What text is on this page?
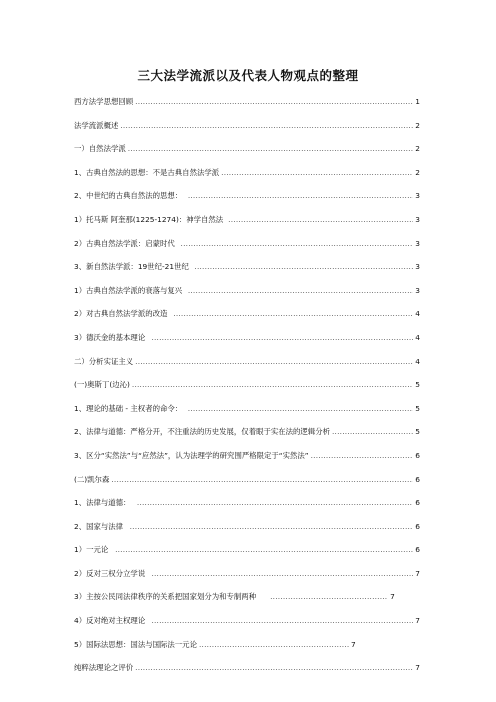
三大法学流派以及代表人物观点的整理
西方法学思想回顾 .....	1
法学流派概述 .....	2
一）自然法学派 .....	2
1、古典自然法的思想：不是古典自然法学派 .....	2
2、中世纪的古典自然法的思想： .....	3
1）托马斯 阿奎那(1225-1274)：神学自然法 .....	3
2）古典自然法学派：启蒙时代 .....	3
3、新自然法学派：19世纪-21世纪 .....	3
1）古典自然法学派的衰落与复兴 .....	3
2）对古典自然法学派的改造 .....	4
3）德沃金的基本理论 .....	4
二）分析实证主义 .....	4
(一)奥斯丁(边沁) .....	5
1、理论的基础 - 主权者的命令： .....	5
2、法律与道德：严格分开，不注重法的历史发展，仅着眼于实在法的逻辑分析 .....	5
3、区分“实然法”与“应然法”，认为法理学的研究围严格限定于“实然法” .....	6
(二)凯尔森 .....	6
1、法律与道德： .....	6
2、国家与法律 .....	6
1）一元论 .....	6
2）反对三权分立学说 .....	7
3）主按公民同法律秩序的关系把国家划分为和专制两种 .....	7
4）反对绝对主权理论 .....	7
5）国际法思想：国法与国际法一元论 .....	7
纯粹法理论之评价 .....	7
